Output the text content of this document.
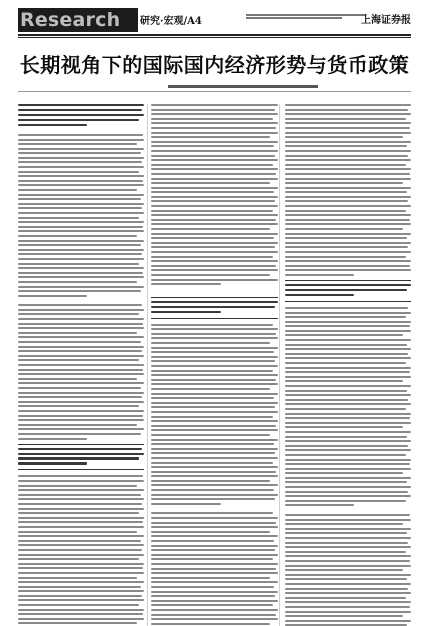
Research 研究·宏观/A4	上海证券报
长期视角下的国际国内经济形势与货币政策
